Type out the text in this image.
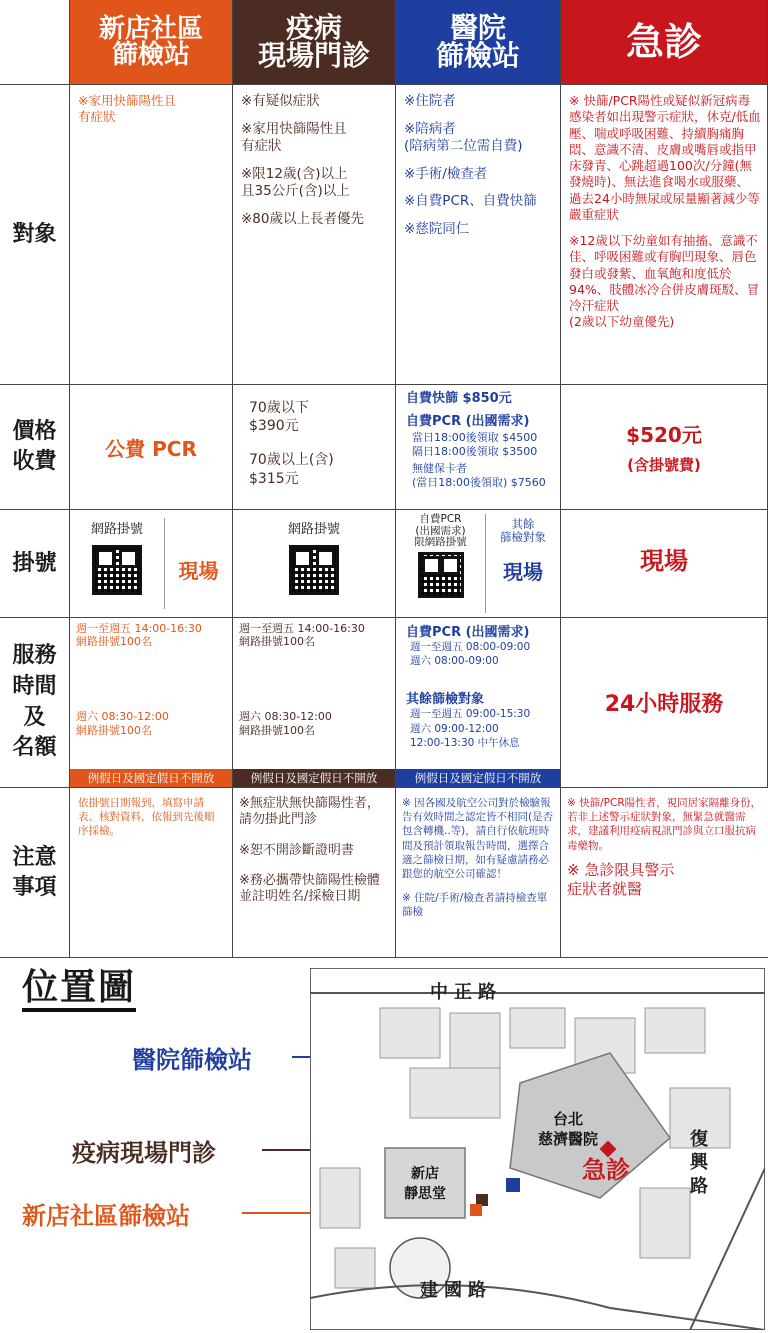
新店社區
篩檢站
疫病
現場門診
醫院
篩檢站	急診
對象
※家用快篩陽性且
有症狀
※有疑似症狀
※家用快篩陽性且
有症狀
※限12歲(含)以上
且35公斤(含)以上
※80歲以上長者優先
※住院者
※陪病者
(陪病第二位需自費)
※手術/檢查者
※自費PCR、自費快篩
※慈院同仁
※ 快篩/PCR陽性或疑似新冠病毒感染者如出現警示症狀，休克/低血壓、喘或呼吸困難、持續胸痛胸悶、意識不清、皮膚或嘴唇或指甲床發青、心跳超過100次/分鐘(無發燒時)、無法進食喝水或服藥、過去24小時無尿或尿量顯著減少等嚴重症狀
※12歲以下幼童如有抽搐、意識不佳、呼吸困難或有胸凹現象、唇色發白或發紫、血氧飽和度低於94%、肢體冰冷合併皮膚斑駁、冒冷汗症狀
(2歲以下幼童優先)
價格
收費
公費 PCR
70歲以下
$390元
70歲以上(含)
$315元
自費快篩 $850元
自費PCR (出國需求)
當日18:00後領取 $4500
隔日18:00後領取 $3500
無健保卡者
(當日18:00後領取) $7560
$520元
(含掛號費)
掛號
網路掛號
現場
網路掛號
自費PCR
(出國需求)
限網路掛號
其餘
篩檢對象
現場	現場
服務
時間
及
名額
週一至週五 14:00-16:30
網路掛號100名
週六 08:30-12:00
網路掛號100名
例假日及國定假日不開放
週一至週五 14:00-16:30
網路掛號100名
週六 08:30-12:00
網路掛號100名
例假日及國定假日不開放
自費PCR (出國需求)
週一至週五 08:00-09:00
週六 08:00-09:00
其餘篩檢對象
週一至週五 09:00-15:30
週六 09:00-12:00
12:00-13:30 中午休息
例假日及國定假日不開放
24小時服務
注意
事項
依掛號日期報到，填寫申請表、核對資料，依報到先後順序採檢。
※無症狀無快篩陽性者，請勿掛此門診
※恕不開診斷證明書
※務必攜帶快篩陽性檢體並註明姓名/採檢日期
※ 因各國及航空公司對於檢驗報告有效時間之認定皆不相同(是否包含轉機..等)，請自行依航班時間及預計領取報告時間，選擇合適之篩檢日期，如有疑慮請務必跟您的航空公司確認！
※ 住院/手術/檢查者請持檢查單篩檢
※ 快篩/PCR陽性者，視同居家隔離身份，若非上述警示症狀對象，無緊急就醫需求，建議利用疫病視訊門診與立口服抗病毒藥物。
※ 急診限具警示
症狀者就醫
位置圖
醫院篩檢站
疫病現場門診
新店社區篩檢站
台北
慈濟醫院
新店
靜思堂
中正路
建國路
復興路
急診
